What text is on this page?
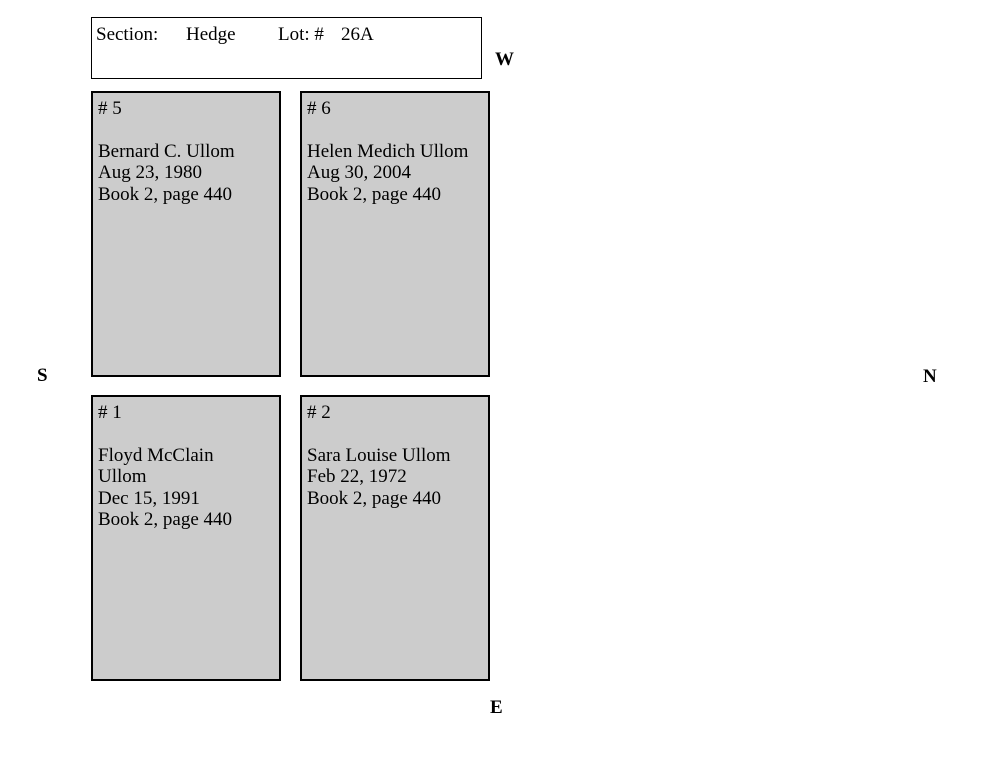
Section: Hedge Lot: # 26A
W
S	N
E
# 5
Bernard C. Ullom
Aug 23, 1980
Book 2, page 440
# 6
Helen Medich Ullom
Aug 30, 2004
Book 2, page 440
# 1
Floyd McClain
Ullom
Dec 15, 1991
Book 2, page 440
# 2
Sara Louise Ullom
Feb 22, 1972
Book 2, page 440
